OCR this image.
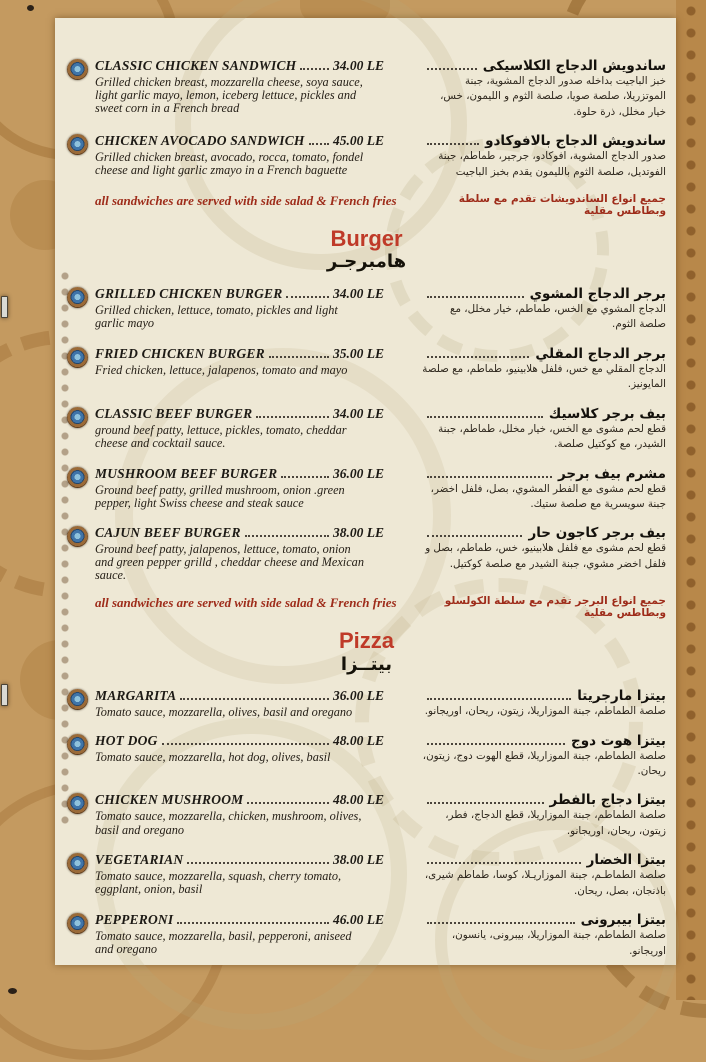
CLASSIC CHICKEN SANDWICH	34.00 LE
Grilled chicken breast, mozzarella cheese, soya sauce, light garlic mayo, lemon, iceberg lettuce, pickles and sweet corn in a French bread
ساندويش الدجاج الكلاسيكى
خبز الباجيت بداخله صدور الدجاج المشوية، جبنة الموتزريلا، صلصة صويا، صلصة الثوم و الليمون، خس، خيار مخلل، ذرة حلوة.
CHICKEN AVOCADO SANDWICH 45.00 LE
Grilled chicken breast, avocado, rocca, tomato, fondel cheese and light garlic zmayo in a French baguette
ساندويش الدجاج بالافوكادو
صدور الدجاج المشوية، افوكادو، جرجير، طماطم، جبنة الفوتديل، صلصة الثوم بالليمون يقدم بخبز الباجيت
all sandwiches are served with side salad & French fries	جميع انواع الساندويشات تقدم مع سلطة وبطاطس مقلية
Burger
هامبرجـر
GRILLED CHICKEN BURGER	34.00 LE
Grilled chicken, lettuce, tomato, pickles and light garlic mayo
برجر الدجاج المشوي
الدجاج المشوي مع الخس، طماطم، خيار مخلل، مع صلصة الثوم.
FRIED CHICKEN BURGER	35.00 LE
Fried chicken, lettuce, jalapenos, tomato and mayo
برجر الدجاج المقلي
الدجاج المقلي مع خس، فلفل هلابينيو، طماطم، مع صلصة المايونيز.
CLASSIC BEEF BURGER	34.00 LE
ground beef patty, lettuce, pickles, tomato, cheddar cheese and cocktail sauce.
بيف برجر كلاسيك
قطع لحم مشوى مع الخس، خيار مخلل، طماطم، جبنة الشيدر، مع كوكتيل صلصة.
MUSHROOM BEEF BURGER	36.00 LE
Ground beef patty, grilled mushroom, onion .green pepper, light Swiss cheese and steak sauce
مشرم بيف برجر
قطع لحم مشوى مع الفطر المشوي، بصل، فلفل اخضر، جبنة سويسرية مع صلصة ستيك.
CAJUN BEEF BURGER	38.00 LE
Ground beef patty, jalapenos, lettuce, tomato, onion and green pepper grilld , cheddar cheese and Mexican sauce.
بيف برجر كاجون حار
قطع لحم مشوى مع فلفل هلابينيو، خس، طماطم، بصل و فلفل اخضر مشوي، جبنة الشيدر مع صلصة كوكتيل.
all sandwiches are served with side salad & French fries	جميع انواع البرجر تقدم مع سلطة الكولسلو وبطاطس مقلية
Pizza
بيتــزا
MARGARITA	36.00 LE
Tomato sauce, mozzarella, olives, basil and oregano
بيتزا مارجريتا
صلصة الطماطم، جبنة الموزاريلا، زيتون، ريحان، اوريجانو.
HOT DOG	48.00 LE
Tomato sauce, mozzarella, hot dog, olives, basil
بيتزا هوت دوج
صلصة الطماطم، جبنة الموزاريلا، قطع الهوت دوج، زيتون، ريحان.
CHICKEN MUSHROOM	48.00 LE
Tomato sauce, mozzarella, chicken, mushroom, olives, basil and oregano
بيتزا دجاج بالفطر
صلصة الطماطم، جبنة الموزاريلا، قطع الدجاج، فطر، زيتون، ريحان، اوريجانو.
VEGETARIAN	38.00 LE
Tomato sauce, mozzarella, squash, cherry tomato, eggplant, onion, basil
بيتزا الخضار
صلصة الطماطـم، جبنة الموزاريـلا، كوسا، طماطم شيرى، باذنجان، بصل، ريحان.
PEPPERONI	46.00 LE
Tomato sauce, mozzarella, basil, pepperoni, aniseed and oregano
بيتزا بيبرونى
صلصة الطماطم، جبنة الموزاريلا، بيبرونى، يانسون، اوريجانو.
